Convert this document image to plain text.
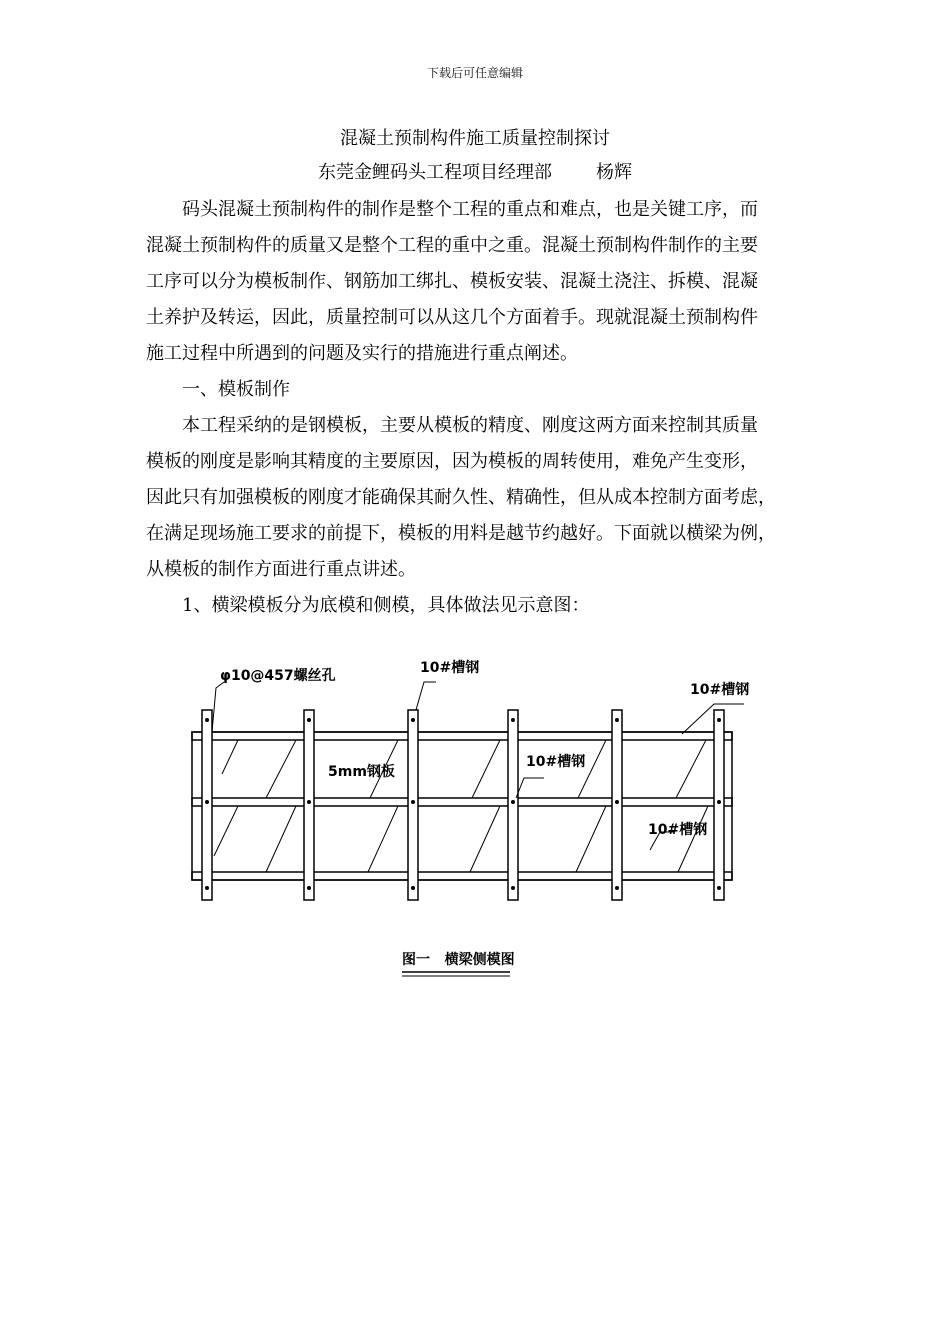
下载后可任意编辑
混凝土预制构件施工质量控制探讨
东莞金鲤码头工程项目经理部 杨辉

码头混凝土预制构件的制作是整个工程的重点和难点，也是关键工序，而
混凝土预制构件的质量又是整个工程的重中之重。混凝土预制构件制作的主要
工序可以分为模板制作、钢筋加工绑扎、模板安装、混凝土浇注、拆模、混凝
土养护及转运，因此，质量控制可以从这几个方面着手。现就混凝土预制构件
施工过程中所遇到的问题及实行的措施进行重点阐述。

一、模板制作

本工程采纳的是钢模板，主要从模板的精度、刚度这两方面来控制其质量
模板的刚度是影响其精度的主要原因，因为模板的周转使用，难免产生变形，
因此只有加强模板的刚度才能确保其耐久性、精确性，但从成本控制方面考虑，
在满足现场施工要求的前提下，模板的用料是越节约越好。下面就以横梁为例，
从模板的制作方面进行重点讲述。

1、横梁模板分为底模和侧模，具体做法见示意图：

φ10@457螺丝孔	10#槽钢
10#槽钢
5mm钢板
10#槽钢
10#槽钢
图一   横梁侧模图
